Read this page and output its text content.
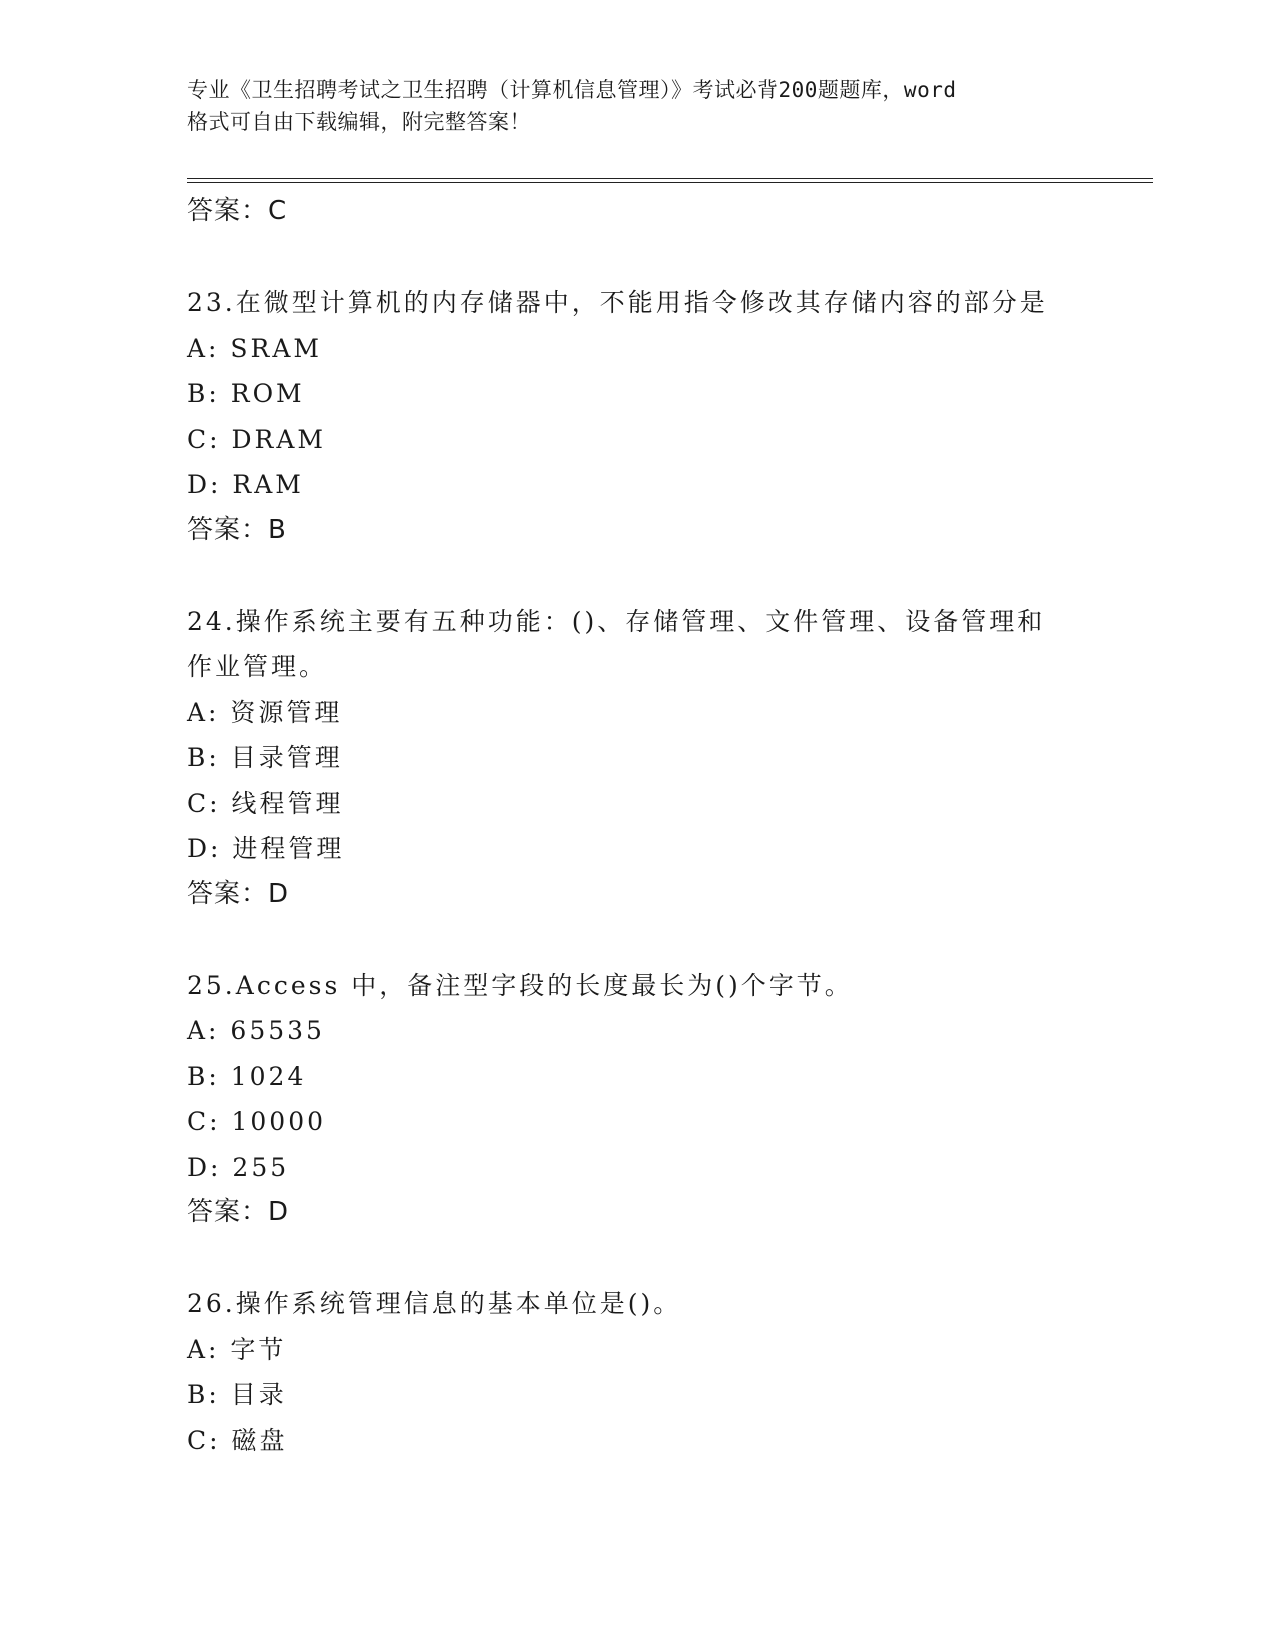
专业《卫生招聘考试之卫生招聘（计算机信息管理）》考试必背200题题库，word
格式可自由下载编辑，附完整答案！
答案：C
23.在微型计算机的内存储器中，不能用指令修改其存储内容的部分是
A: SRAM
B: ROM
C: DRAM
D: RAM
答案：B
24.操作系统主要有五种功能：()、存储管理、文件管理、设备管理和
作业管理。
A: 资源管理
B: 目录管理
C: 线程管理
D: 进程管理
答案：D
25.Access 中，备注型字段的长度最长为()个字节。
A: 65535
B: 1024
C: 10000
D: 255
答案：D
26.操作系统管理信息的基本单位是()。
A: 字节
B: 目录
C: 磁盘
